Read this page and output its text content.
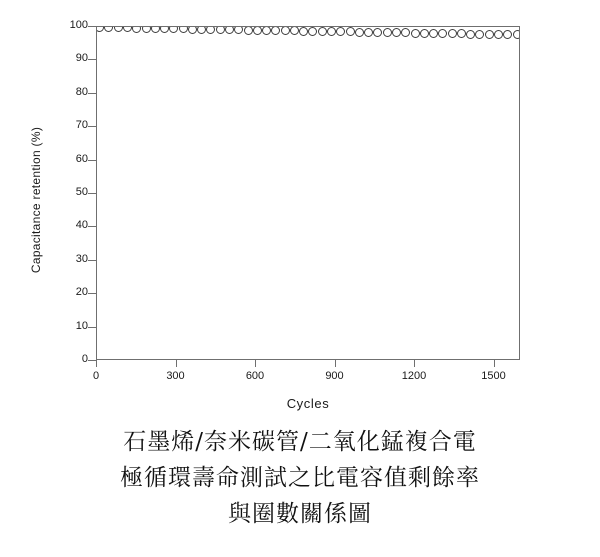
0
10
20
30
40
50
60
70
80
90
100
0	300	600	900	1200	1500
Cycles
Capacitance retention (%)
石墨烯/奈米碳管/二氧化錳複合電
極循環壽命測試之比電容值剩餘率
與圈數關係圖
